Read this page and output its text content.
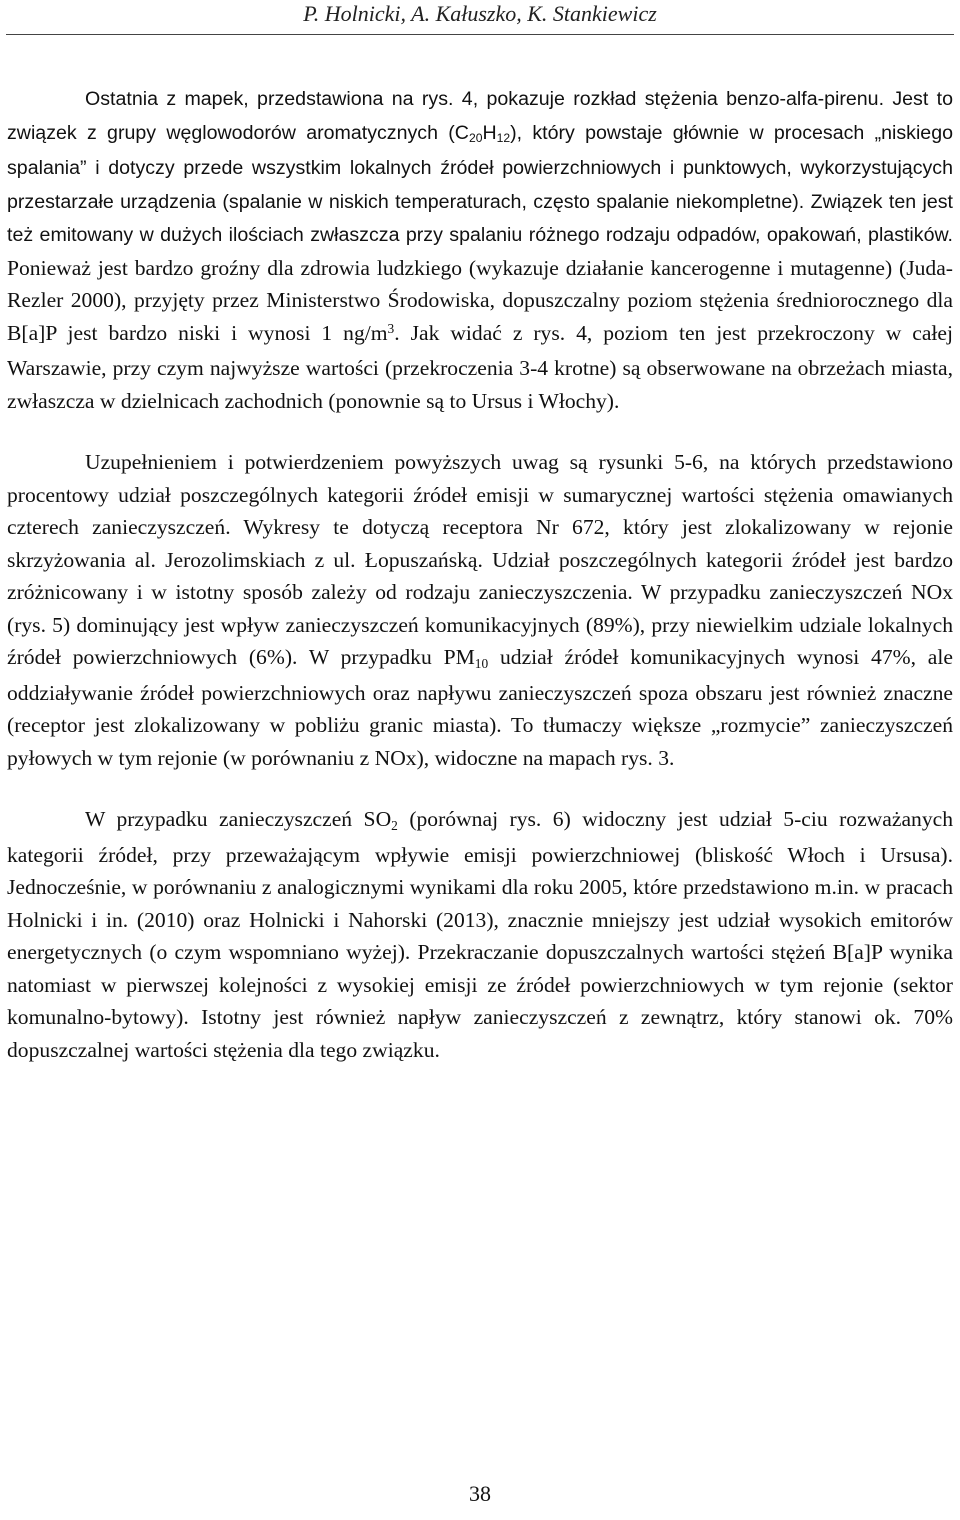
P. Holnicki, A. Kałuszko, K. Stankiewicz

Ostatnia z mapek, przedstawiona na rys. 4, pokazuje rozkład stężenia benzo-alfa-pirenu. Jest to związek z grupy węglowodorów aromatycznych $(C_{20}H_{12})$, który powstaje głównie w procesach „niskiego spalania” i dotyczy przede wszystkim lokalnych źródeł powierzchniowych i punktowych, wykorzystujących przestarzałe urządzenia (spalanie w niskich temperaturach, często spalanie niekompletne). Związek ten jest też emitowany w dużych ilościach zwłaszcza przy spalaniu różnego rodzaju odpadów, opakowań, plastików. Ponieważ jest bardzo groźny dla zdrowia ludzkiego (wykazuje działanie kancerogenne i mutagenne) (Juda-Rezler 2000), przyjęty przez Ministerstwo Środowiska, dopuszczalny poziom stężenia średniorocznego dla B[a]P jest bardzo niski i wynosi 1 $ng/m^3$. Jak widać z rys. 4, poziom ten jest przekroczony w całej Warszawie, przy czym najwyższe wartości (przekroczenia 3-4 krotne) są obserwowane na obrzeżach miasta, zwłaszcza w dzielnicach zachodnich (ponownie są to Ursus i Włochy).

Uzupełnieniem i potwierdzeniem powyższych uwag są rysunki 5-6, na których przedstawiono procentowy udział poszczególnych kategorii źródeł emisji w sumarycznej wartości stężenia omawianych czterech zanieczyszczeń. Wykresy te dotyczą receptora Nr 672, który jest zlokalizowany w rejonie skrzyżowania al. Jerozolimskiach z ul. Łopuszańską. Udział poszczególnych kategorii źródeł jest bardzo zróżnicowany i w istotny sposób zależy od rodzaju zanieczyszczenia. W przypadku zanieczyszczeń NOx (rys. 5) dominujący jest wpływ zanieczyszczeń komunikacyjnych (89%), przy niewielkim udziale lokalnych źródeł powierzchniowych (6%). W przypadku $PM_{10}$ udział źródeł komunikacyjnych wynosi 47%, ale oddziaływanie źródeł powierzchniowych oraz napływu zanieczyszczeń spoza obszaru jest również znaczne (receptor jest zlokalizowany w pobliżu granic miasta). To tłumaczy większe „rozmycie” zanieczyszczeń pyłowych w tym rejonie (w porównaniu z NOx), widoczne na mapach rys. 3.

W przypadku zanieczyszczeń $SO_2$ (porównaj rys. 6) widoczny jest udział 5-ciu rozważanych kategorii źródeł, przy przeważającym wpływie emisji powierzchniowej (bliskość Włoch i Ursusa). Jednocześnie, w porównaniu z analogicznymi wynikami dla roku 2005, które przedstawiono m.in. w pracach Holnicki i in. (2010) oraz Holnicki i Nahorski (2013), znacznie mniejszy jest udział wysokich emitorów energetycznych (o czym wspomniano wyżej). Przekraczanie dopuszczalnych wartości stężeń B[a]P wynika natomiast w pierwszej kolejności z wysokiej emisji ze źródeł powierzchniowych w tym rejonie (sektor komunalno-bytowy). Istotny jest również napływ zanieczyszczeń z zewnątrz, który stanowi ok. 70% dopuszczalnej wartości stężenia dla tego związku.

38
